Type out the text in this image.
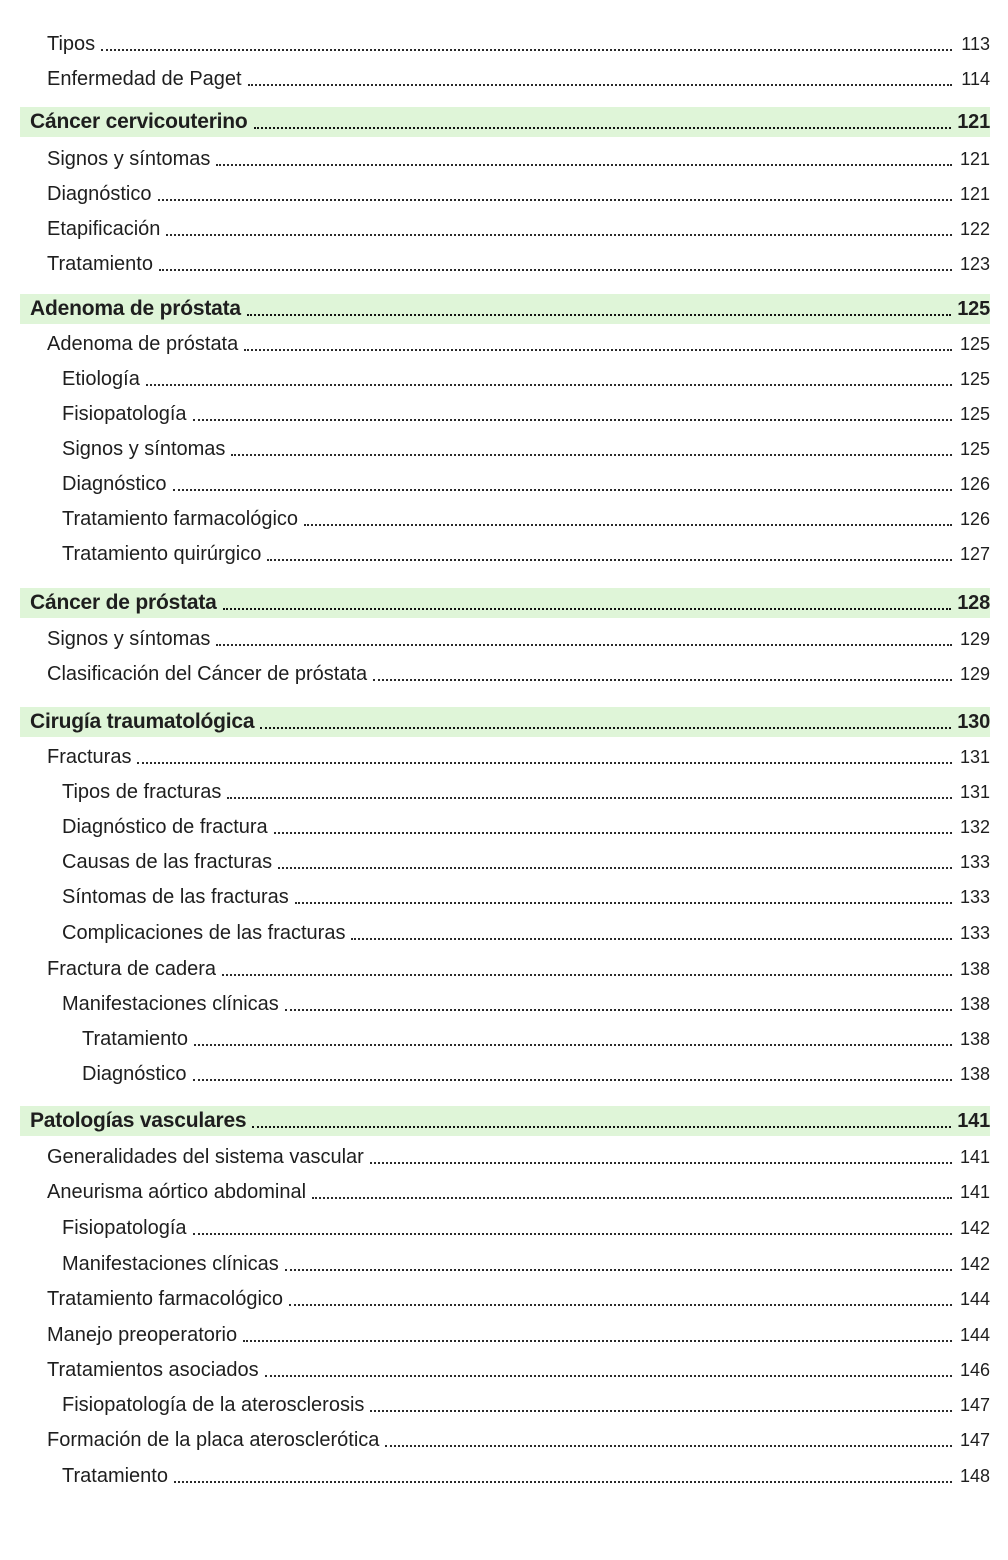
Tipos	113
Enfermedad de Paget	114
Cáncer cervicouterino	121
Signos y síntomas	121
Diagnóstico	121
Etapificación	122
Tratamiento	123
Adenoma de próstata	125
Adenoma de próstata	125
Etiología	125
Fisiopatología	125
Signos y síntomas	125
Diagnóstico	126
Tratamiento farmacológico	126
Tratamiento quirúrgico	127
Cáncer de próstata	128
Signos y síntomas	129
Clasificación del Cáncer de próstata	129
Cirugía traumatológica	130
Fracturas	131
Tipos de fracturas	131
Diagnóstico de fractura	132
Causas de las fracturas	133
Síntomas de las fracturas	133
Complicaciones de las fracturas	133
Fractura de cadera	138
Manifestaciones clínicas	138
Tratamiento	138
Diagnóstico	138
Patologías vasculares	141
Generalidades del sistema vascular	141
Aneurisma aórtico abdominal	141
Fisiopatología	142
Manifestaciones clínicas	142
Tratamiento farmacológico	144
Manejo preoperatorio	144
Tratamientos asociados	146
Fisiopatología de la aterosclerosis	147
Formación de la placa aterosclerótica	147
Tratamiento	148
